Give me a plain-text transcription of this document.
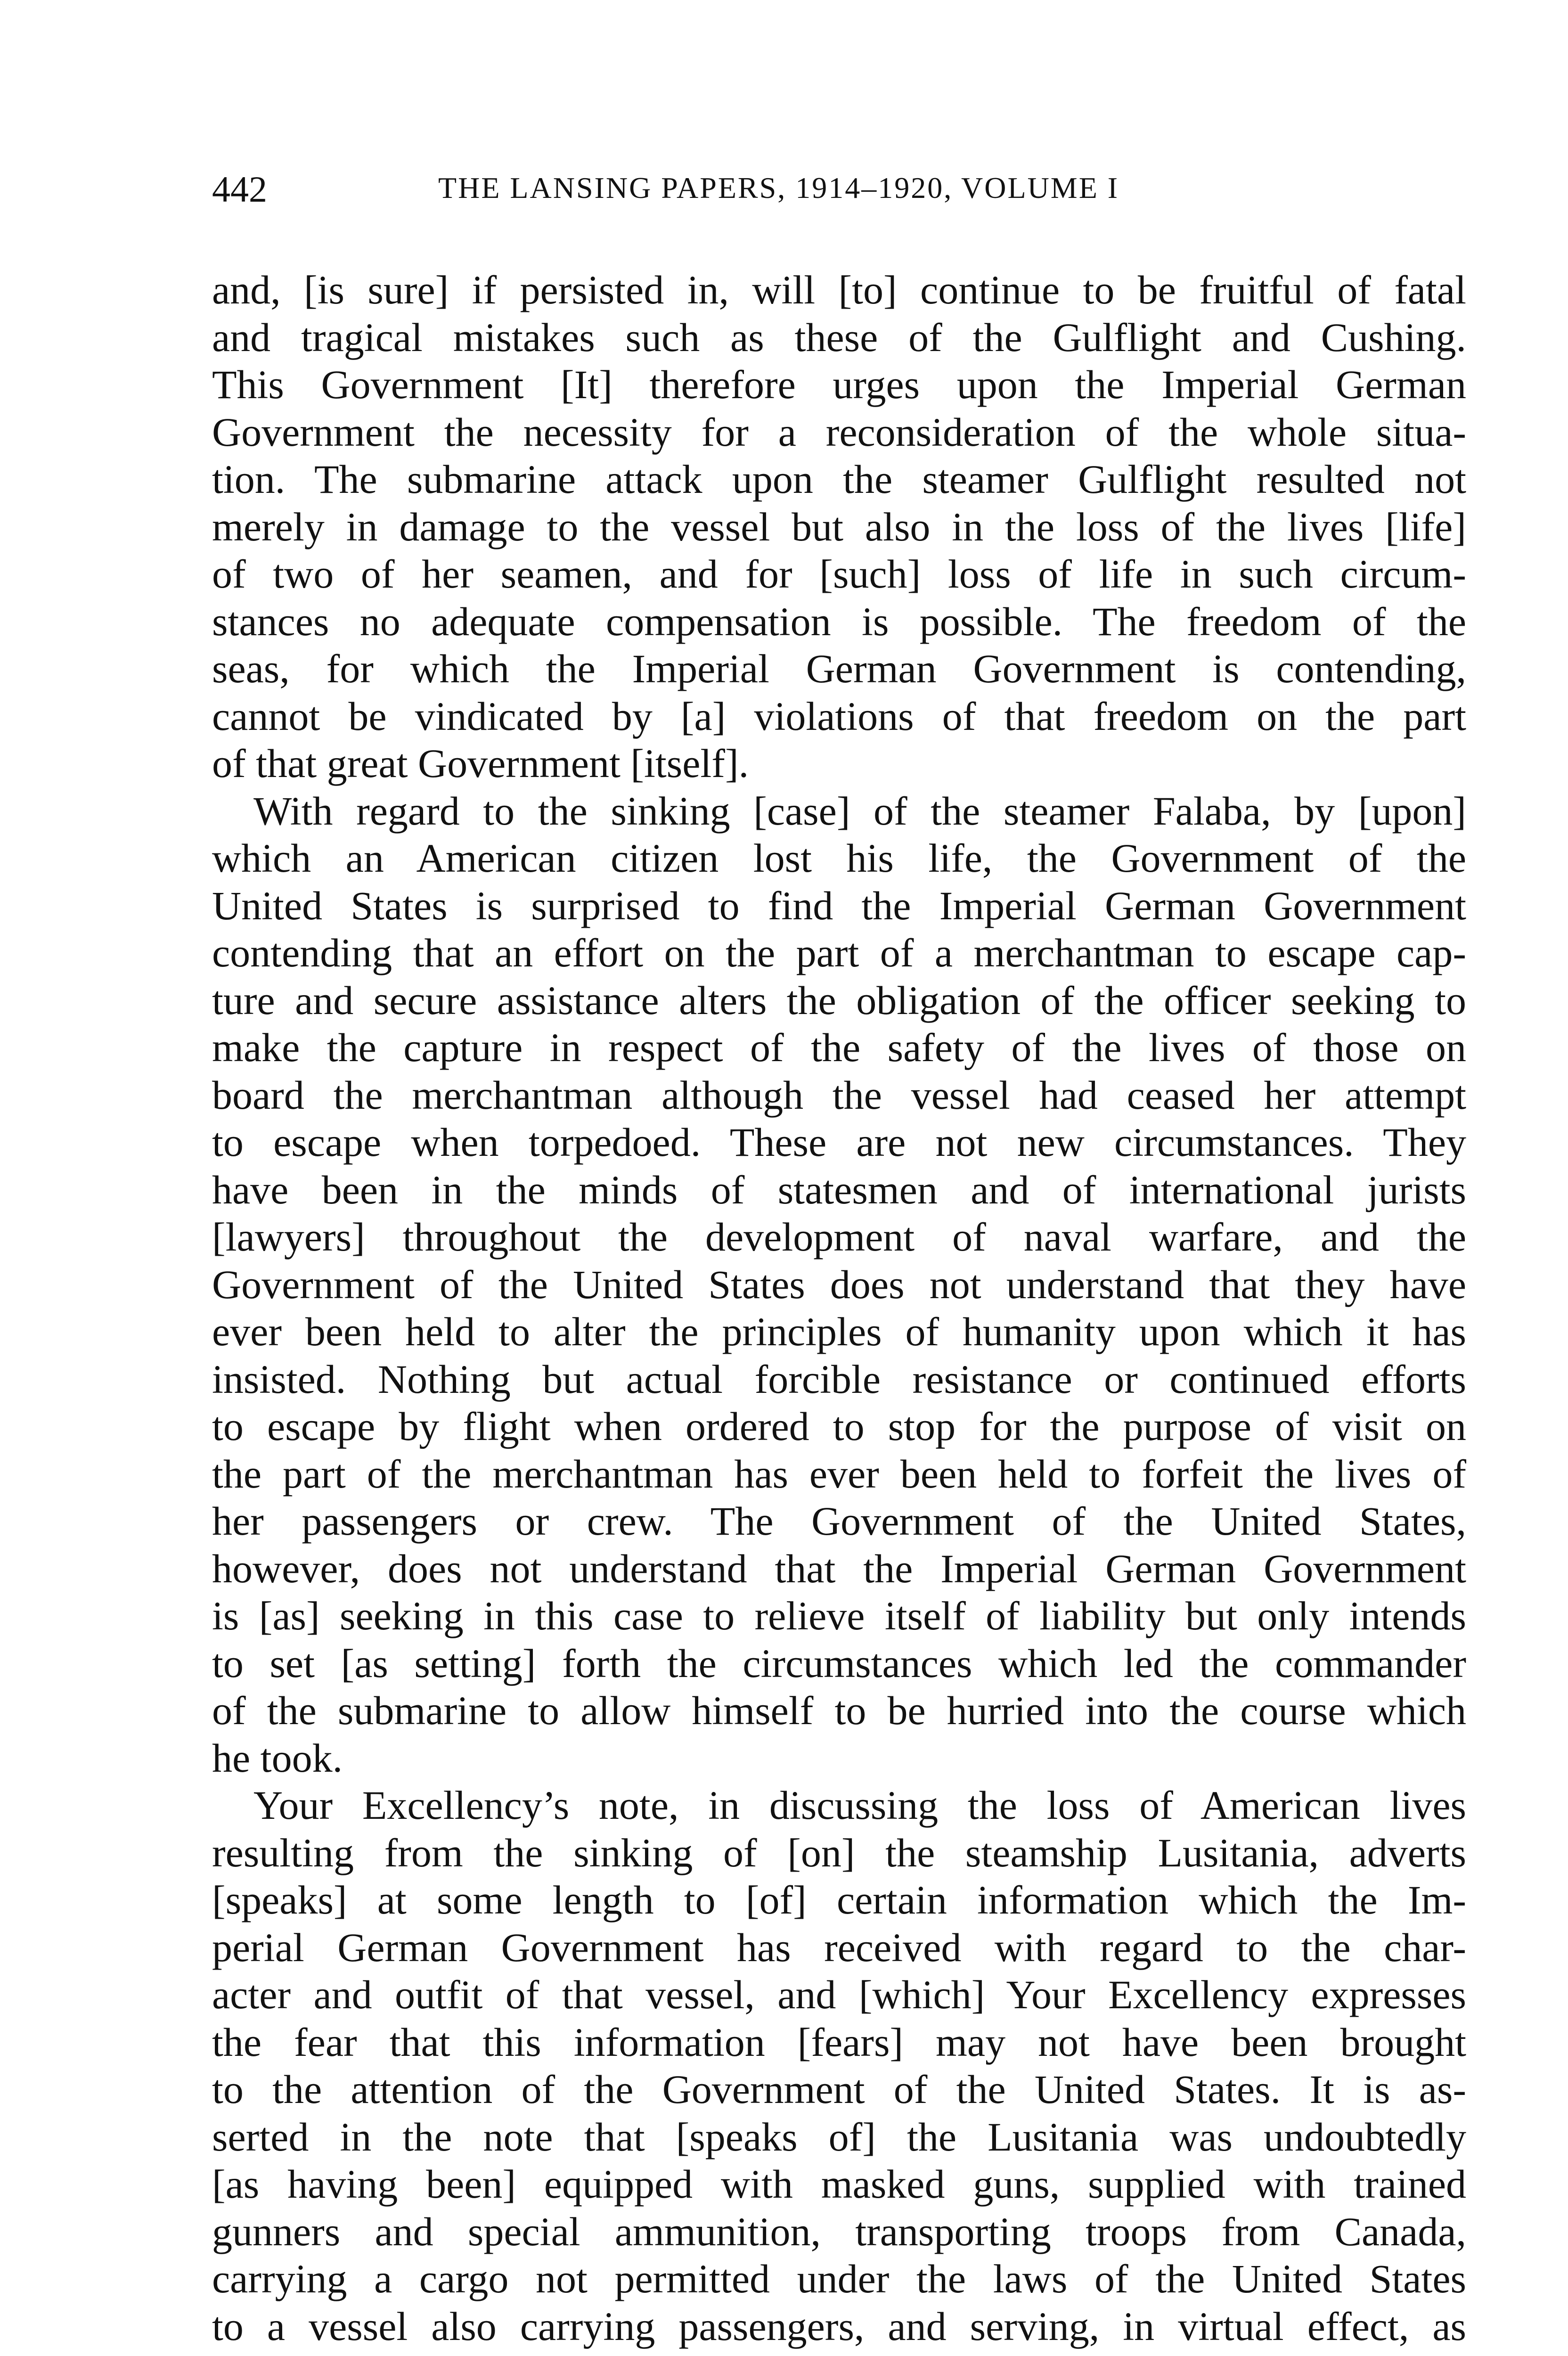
442	THE LANSING PAPERS, 1914–1920, VOLUME I
and, [is sure] if persisted in, will [to] continue to be fruitful of fatal
and tragical mistakes such as these of the Gulflight and Cushing.
This Government [It] therefore urges upon the Imperial German
Government the necessity for a reconsideration of the whole situa-
tion. The submarine attack upon the steamer Gulflight resulted not
merely in damage to the vessel but also in the loss of the lives [life]
of two of her seamen, and for [such] loss of life in such circum-
stances no adequate compensation is possible. The freedom of the
seas, for which the Imperial German Government is contending,
cannot be vindicated by [a] violations of that freedom on the part
of that great Government [itself].
With regard to the sinking [case] of the steamer Falaba, by [upon]
which an American citizen lost his life, the Government of the
United States is surprised to find the Imperial German Government
contending that an effort on the part of a merchantman to escape cap-
ture and secure assistance alters the obligation of the officer seeking to
make the capture in respect of the safety of the lives of those on
board the merchantman although the vessel had ceased her attempt
to escape when torpedoed. These are not new circumstances. They
have been in the minds of statesmen and of international jurists
[lawyers] throughout the development of naval warfare, and the
Government of the United States does not understand that they have
ever been held to alter the principles of humanity upon which it has
insisted. Nothing but actual forcible resistance or continued efforts
to escape by flight when ordered to stop for the purpose of visit on
the part of the merchantman has ever been held to forfeit the lives of
her passengers or crew. The Government of the United States,
however, does not understand that the Imperial German Government
is [as] seeking in this case to relieve itself of liability but only intends
to set [as setting] forth the circumstances which led the commander
of the submarine to allow himself to be hurried into the course which
he took.
Your Excellency’s note, in discussing the loss of American lives
resulting from the sinking of [on] the steamship Lusitania, adverts
[speaks] at some length to [of] certain information which the Im-
perial German Government has received with regard to the char-
acter and outfit of that vessel, and [which] Your Excellency expresses
the fear that this information [fears] may not have been brought
to the attention of the Government of the United States. It is as-
serted in the note that [speaks of] the Lusitania was undoubtedly
[as having been] equipped with masked guns, supplied with trained
gunners and special ammunition, transporting troops from Canada,
carrying a cargo not permitted under the laws of the United States
to a vessel also carrying passengers, and serving, in virtual effect, as
